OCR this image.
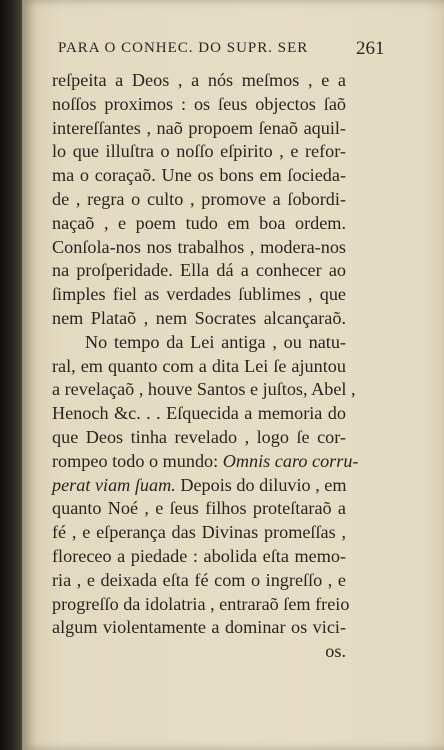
PARA O CONHEC. DO SUPR. SER	261
reſpeita a Deos , a nós meſmos , e a
noſſos proximos : os ſeus objectos ſaõ
intereſſantes , naõ propoem ſenaõ aquil-
lo que illuſtra o noſſo eſpirito , e refor-
ma o coraçaõ. Une os bons em ſocieda-
de , regra o culto , promove a ſobordi-
naçaõ , e poem tudo em boa ordem.
Conſola-nos nos trabalhos , modera-nos
na proſperidade. Ella dá a conhecer ao
ſimples fiel as verdades ſublimes , que
nem Plataõ , nem Socrates alcançaraõ.
No tempo da Lei antiga , ou natu-
ral, em quanto com a dita Lei ſe ajuntou
a revelaçaõ , houve Santos e juſtos, Abel ,
Henoch &c. . . Eſquecida a memoria do
que Deos tinha revelado , logo ſe cor-
rompeo todo o mundo: Omnis caro corru-
perat viam ſuam. Depois do diluvio , em
quanto Noé , e ſeus filhos proteſtaraõ a
fé , e eſperança das Divinas promeſſas ,
floreceo a piedade : abolida eſta memo-
ria , e deixada eſta fé com o ingreſſo , e
progreſſo da idolatria , entraraõ ſem freio
algum violentamente a dominar os vici-
os.
